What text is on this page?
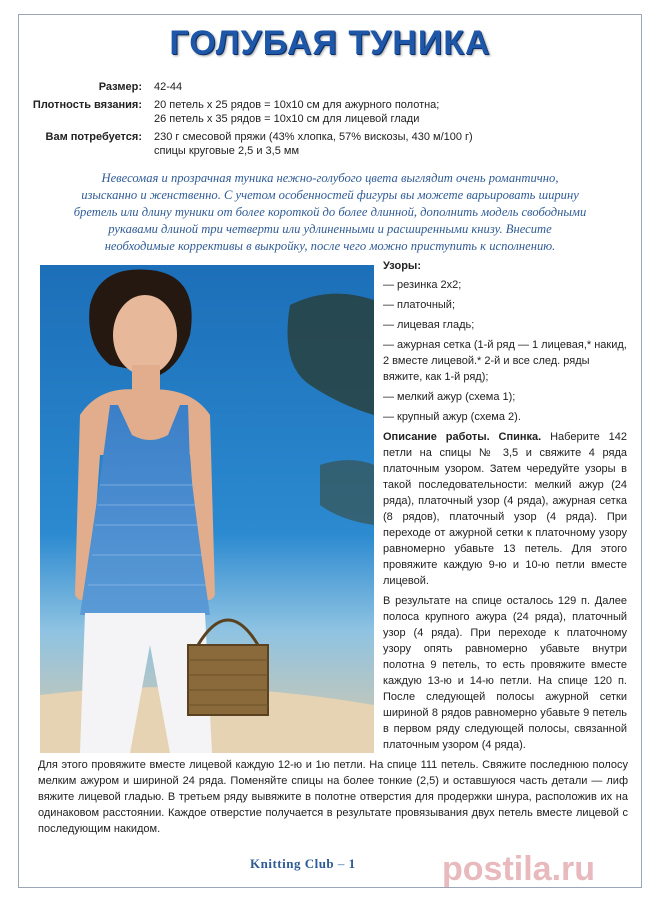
ГОЛУБАЯ ТУНИКА
Размер:	42-44
Плотность вязания:	20 петель х 25 рядов = 10х10 см для ажурного полотна;
26 петель х 35 рядов = 10х10 см для лицевой глади
Вам потребуется:	230 г смесовой пряжи (43% хлопка, 57% вискозы, 430 м/100 г)
спицы круговые 2,5 и 3,5 мм
Невесомая и прозрачная туника нежно-голубого цвета выглядит очень романтично,
изысканно и женственно. С учетом особенностей фигуры вы можете варьировать ширину
бретель или длину туники от более короткой до более длинной, дополнить модель свободными
рукавами длиной три четверти или удлиненными и расширенными книзу. Внесите
необходимые коррективы в выкройку, после чего можно приступить к исполнению.
Узоры:
— резинка 2х2;
— платочный;
— лицевая гладь;
— ажурная сетка (1-й ряд — 1 лицевая,* накид, 2 вместе лицевой.* 2-й и все след. ряды вяжите, как 1-й ряд);
— мелкий ажур (схема 1);
— крупный ажур (схема 2).

Описание работы. Спинка. Наберите 142 петли на спицы № 3,5 и свяжите 4 ряда платочным узором. Затем чередуйте узоры в такой последовательности: мелкий ажур (24 ряда), платочный узор (4 ряда), ажурная сетка (8 рядов), платочный узор (4 ряда). При переходе от ажурной сетки к платочному узору равномерно убавьте 13 петель. Для этого провяжите каждую 9-ю и 10-ю петли вместе лицевой.

В результате на спице осталось 129 п. Далее полоса крупного ажура (24 ряда), платочный узор (4 ряда). При переходе к платочному узору опять равномерно убавьте внутри полотна 9 петель, то есть провяжите вместе каждую 13-ю и 14-ю петли. На спице 120 п. После следующей полосы ажурной сетки шириной 8 рядов равномерно убавьте 9 петель в первом ряду следующей полосы, связанной платочным узором (4 ряда).

Для этого провяжите вместе лицевой каждую 12-ю и 1ю петли. На спице 111 петель. Свяжите последнюю полосу мелким ажуром и шириной 24 ряда. Поменяйте спицы на более тонкие (2,5) и оставшуюся часть детали — лиф вяжите лицевой гладью. В третьем ряду вывяжите в полотне отверстия для продержки шнура, расположив их на одинаковом расстоянии. Каждое отверстие получается в результате провязывания двух петель вместе лицевой с последующим накидом.
Knitting Club – 1	postila.ru
